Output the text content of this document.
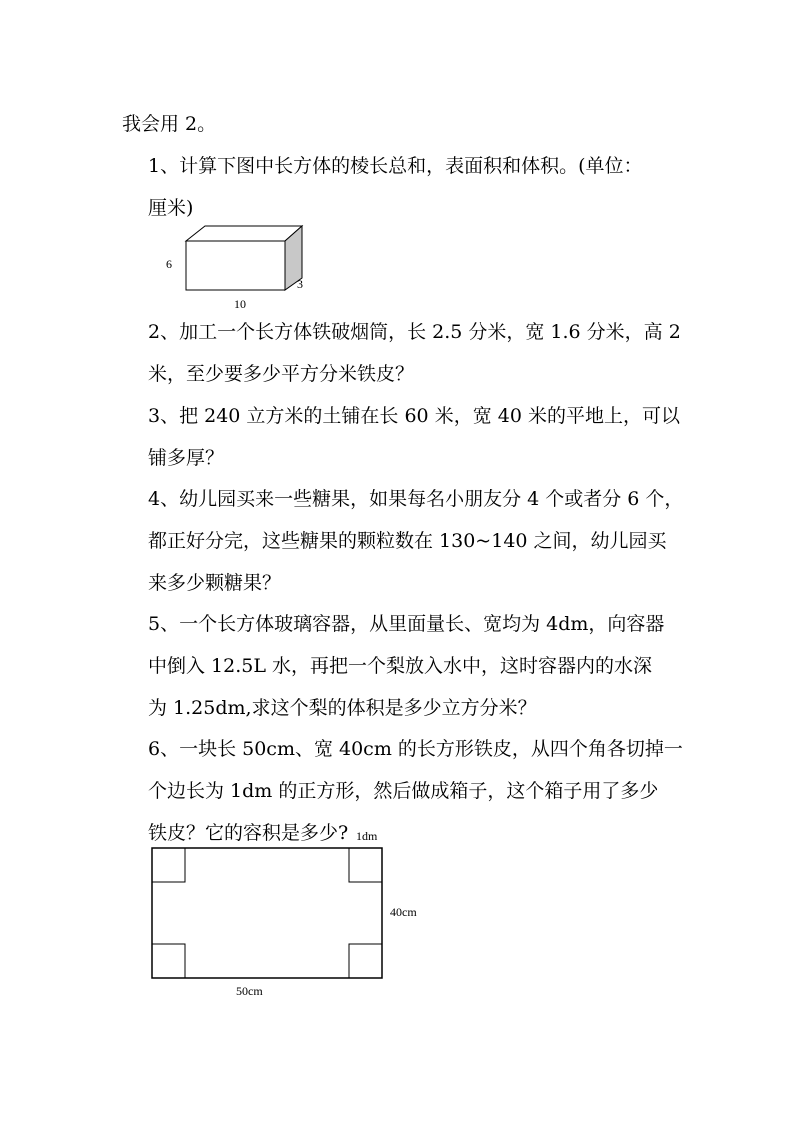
我会用 2。
1、计算下图中长方体的棱长总和，表面积和体积。(单位：
厘米)
6
3
10
2、加工一个长方体铁破烟筒，长 2.5 分米，宽 1.6 分米，高 2
米，至少要多少平方分米铁皮？
3、把 240 立方米的土铺在长 60 米，宽 40 米的平地上，可以
铺多厚？
4、幼儿园买来一些糖果，如果每名小朋友分 4 个或者分 6 个，
都正好分完，这些糖果的颗粒数在 130~140 之间，幼儿园买
来多少颗糖果？
5、一个长方体玻璃容器，从里面量长、宽均为 4dm，向容器
中倒入 12.5L 水，再把一个梨放入水中，这时容器内的水深
为 1.25dm,求这个梨的体积是多少立方分米？
6、一块长 50cm、宽 40cm 的长方形铁皮，从四个角各切掉一
个边长为 1dm 的正方形，然后做成箱子，这个箱子用了多少
铁皮？它的容积是多少? 1dm
40cm
50cm
